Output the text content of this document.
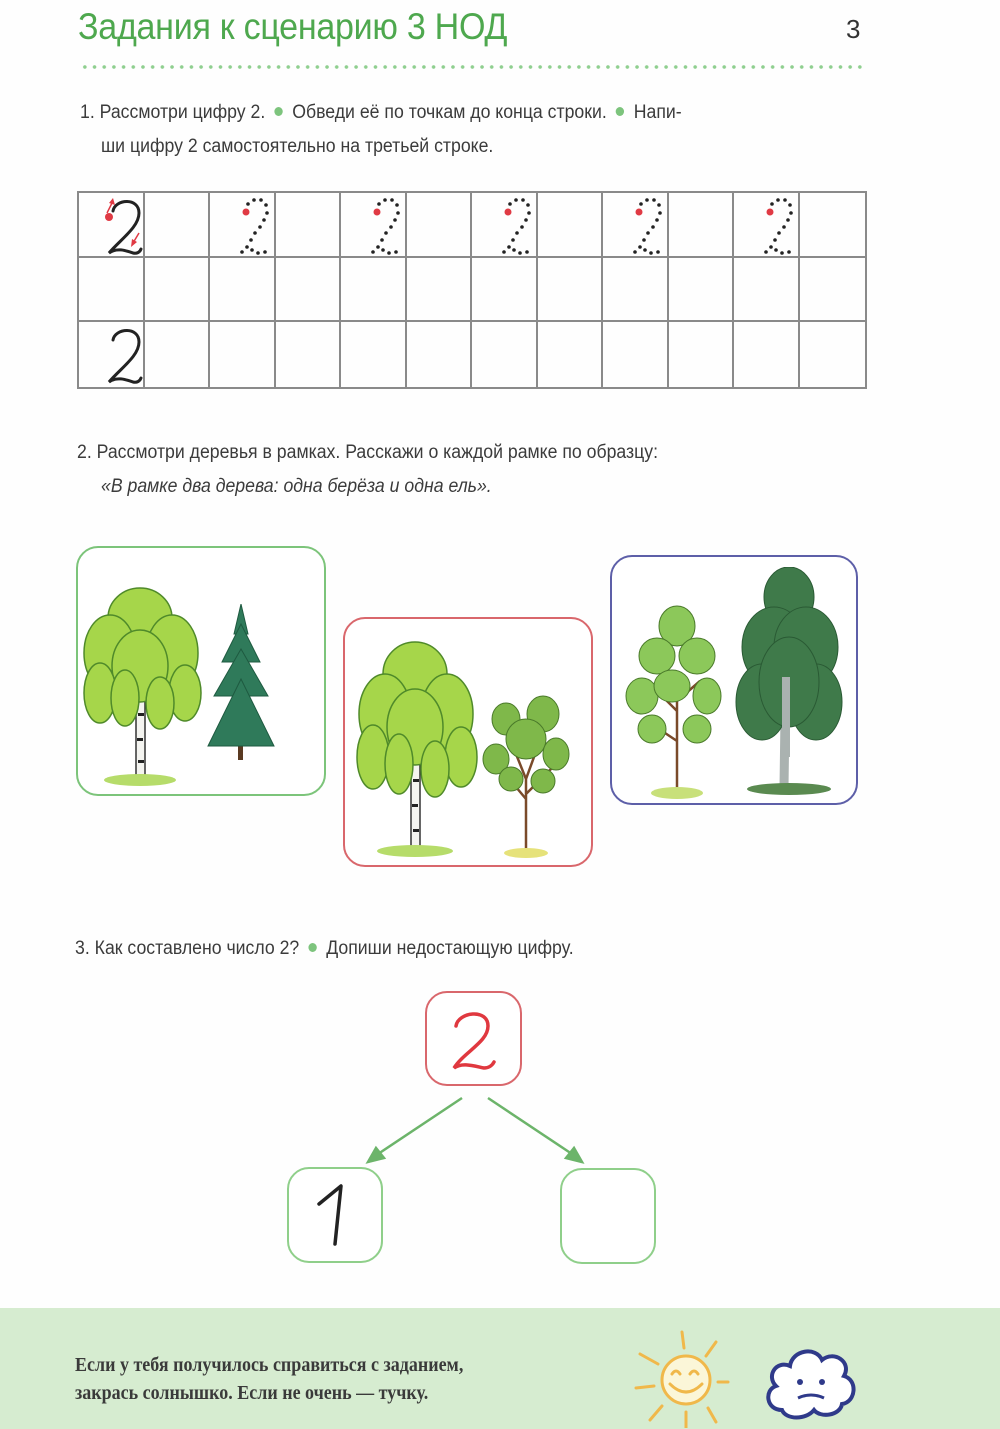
Задания к сценарию 3 НОД	3
1. Рассмотри цифру 2. Обведи её по точкам до конца строки. Напи-
ши цифру 2 самостоятельно на третьей строке.
2. Рассмотри деревья в рамках. Расскажи о каждой рамке по образцу:
«В рамке два дерева: одна берёза и одна ель».
3. Как составлено число 2? Допиши недостающую цифру.
Если у тебя получилось справиться с заданием,
закрась солнышко. Если не очень — тучку.
